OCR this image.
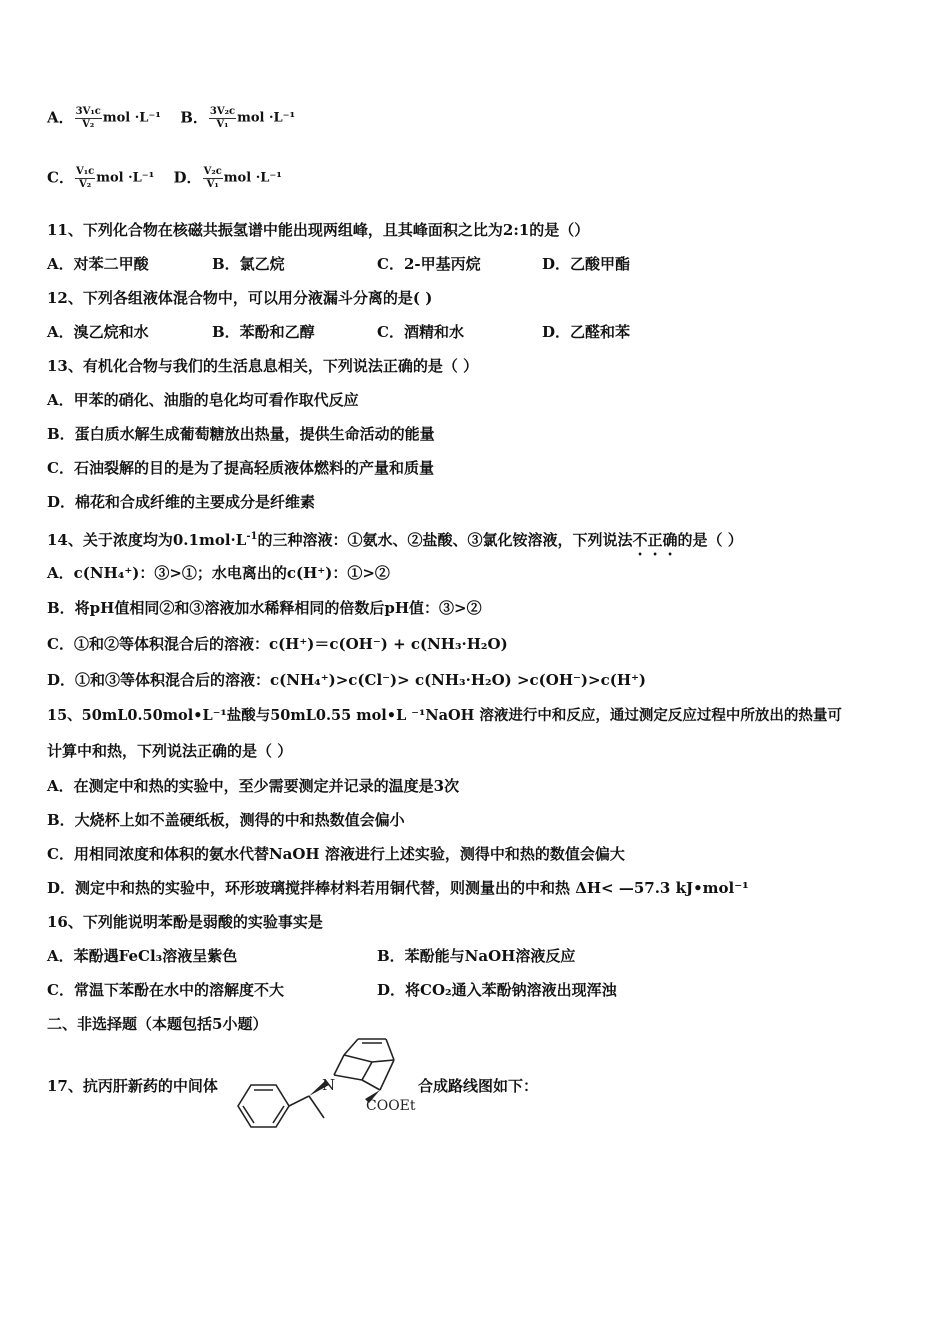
A． $\frac{\text{3V₁c}}{\text{V₂}}$ mol ·L⁻¹ B． $\frac{\text{3V₂c}}{\text{V₁}}$ mol ·L⁻¹
C． $\frac{\text{V₁c}}{\text{V₂}}$ mol ·L⁻¹ D． $\frac{\text{V₂c}}{\text{V₁}}$ mol ·L⁻¹
11、下列化合物在核磁共振氢谱中能出现两组峰，且其峰面积之比为2:1的是（）
A．对苯二甲酸	B．氯乙烷	C．2-甲基丙烷	D．乙酸甲酯
12、下列各组液体混合物中，可以用分液漏斗分离的是( )
A．溴乙烷和水	B．苯酚和乙醇	C．酒精和水	D．乙醛和苯
13、有机化合物与我们的生活息息相关，下列说法正确的是（ ）
A．甲苯的硝化、油脂的皂化均可看作取代反应
B．蛋白质水解生成葡萄糖放出热量，提供生命活动的能量
C．石油裂解的目的是为了提高轻质液体燃料的产量和质量
D．棉花和合成纤维的主要成分是纤维素
14、关于浓度均为$0.1mol\cdot L^{-1}$的三种溶液：①氨水、②盐酸、③氯化铵溶液，下列说法不正确的是（ ）
A．c(NH₄⁺)：③>①；水电离出的c(H⁺)：①>②
B．将pH值相同②和③溶液加水稀释相同的倍数后pH值：③>②
C．①和②等体积混合后的溶液：c(H⁺)＝c(OH⁻) + c(NH₃·H₂O)
D．①和③等体积混合后的溶液：c(NH₄⁺)>c(Cl⁻)> c(NH₃·H₂O) >c(OH⁻)>c(H⁺)
15、50mL0.50mol•L⁻¹盐酸与50mL0.55 mol•L ⁻¹NaOH 溶液进行中和反应，通过测定反应过程中所放出的热量可
计算中和热，下列说法正确的是（ ）
A．在测定中和热的实验中，至少需要测定并记录的温度是3次
B．大烧杯上如不盖硬纸板，测得的中和热数值会偏小
C．用相同浓度和体积的氨水代替NaOH 溶液进行上述实验，测得中和热的数值会偏大
D．测定中和热的实验中，环形玻璃搅拌棒材料若用铜代替，则测量出的中和热 ΔH< —57.3 kJ•mol⁻¹
16、下列能说明苯酚是弱酸的实验事实是
A．苯酚遇FeCl₃溶液呈紫色	B．苯酚能与NaOH溶液反应
C．常温下苯酚在水中的溶解度不大	D．将CO₂通入苯酚钠溶液出现浑浊
二、非选择题（本题包括5小题）
17、抗丙肝新药的中间体	合成路线图如下：
N
COOEt
